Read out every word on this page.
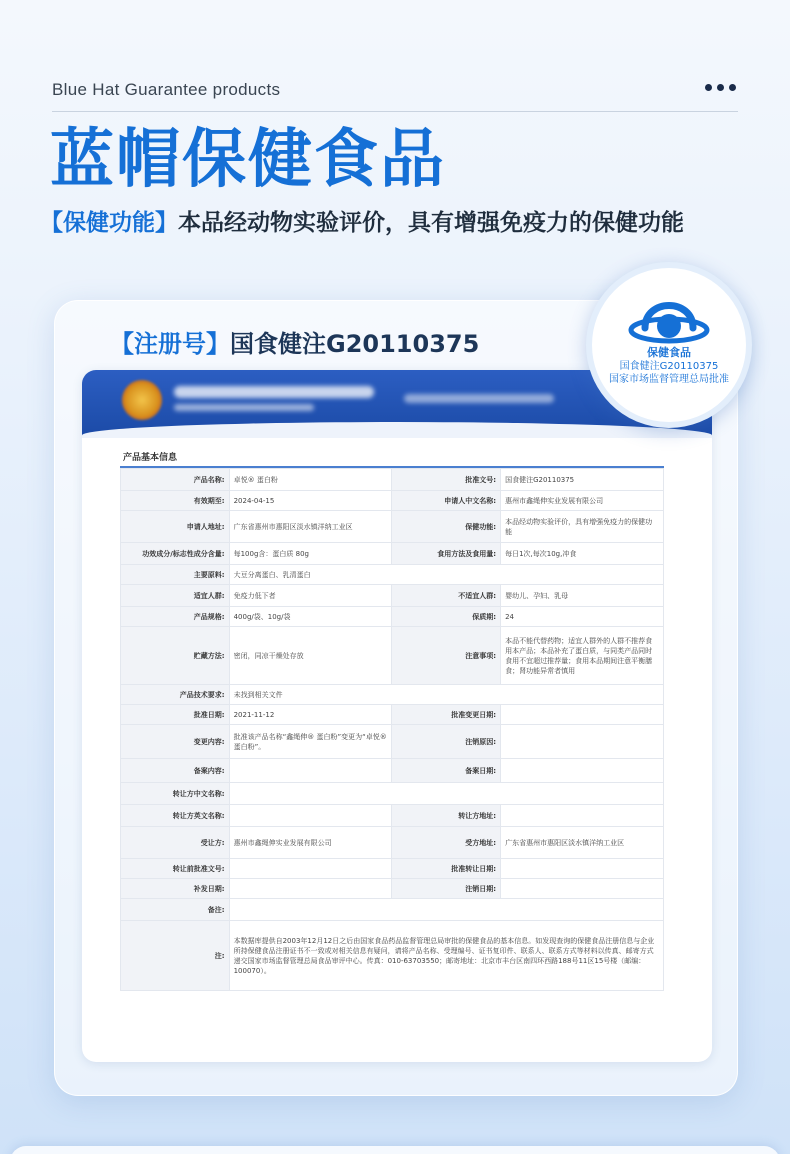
Blue Hat Guarantee products
蓝帽保健食品
【保健功能】本品经动物实验评价，具有增强免疫力的保健功能
【注册号】国食健注G20110375
产品基本信息
产品名称:	卓悦® 蛋白粉	批准文号:	国食健注G20110375
有效期至:	2024-04-15	申请人中文名称:	惠州市鑫绳伸实业发展有限公司
申请人地址:	广东省惠州市惠阳区淡水镇洋纳工业区	保健功能:	本品经动物实验评价，具有增强免疫力的保健功能
功效成分/标志性成分含量:	每100g含：蛋白质 80g	食用方法及食用量:	每日1次,每次10g,冲食
主要原料:	大豆分离蛋白、乳清蛋白		
适宜人群:	免疫力低下者	不适宜人群:	婴幼儿、孕妇、乳母
产品规格:	400g/袋、10g/袋	保质期:	24
贮藏方法:	密闭，同凉干燥处存放	注意事项:	本品不能代替药物；适宜人群外的人群不推荐食用本产品；本品补充了蛋白质，与同类产品同时食用不宜超过推荐量；食用本品期间注意平衡膳食；肾功能异常者慎用
产品技术要求:	未找到相关文件		
批准日期:	2021-11-12	批准变更日期:	
变更内容:	批准该产品名称“鑫绳伸® 蛋白粉”变更为“卓悦® 蛋白粉”。	注销原因:	
备案内容:		备案日期:	
转让方中文名称:			
转让方英文名称:		转让方地址:	
受让方:	惠州市鑫绳伸实业发展有限公司	受方地址:	广东省惠州市惠阳区淡水镇洋纳工业区
转让前批准文号:		批准转让日期:	
补发日期:		注销日期:	
备注:			
注:	本数据库提供自2003年12月12日之后由国家食品药品监督管理总局审批的保健食品的基本信息。如发现查询的保健食品注册信息与企业所持保健食品注册证书不一致或对相关信息有疑问，请将产品名称、受理编号、证书复印件、联系人、联系方式等材料以传真、邮寄方式递交国家市场监督管理总局食品审评中心。传真：010-63703550；邮寄地址：北京市丰台区南四环西路188号11区15号楼（邮编：100070）。		
保健食品
国食健注G20110375
国家市场监督管理总局批准
